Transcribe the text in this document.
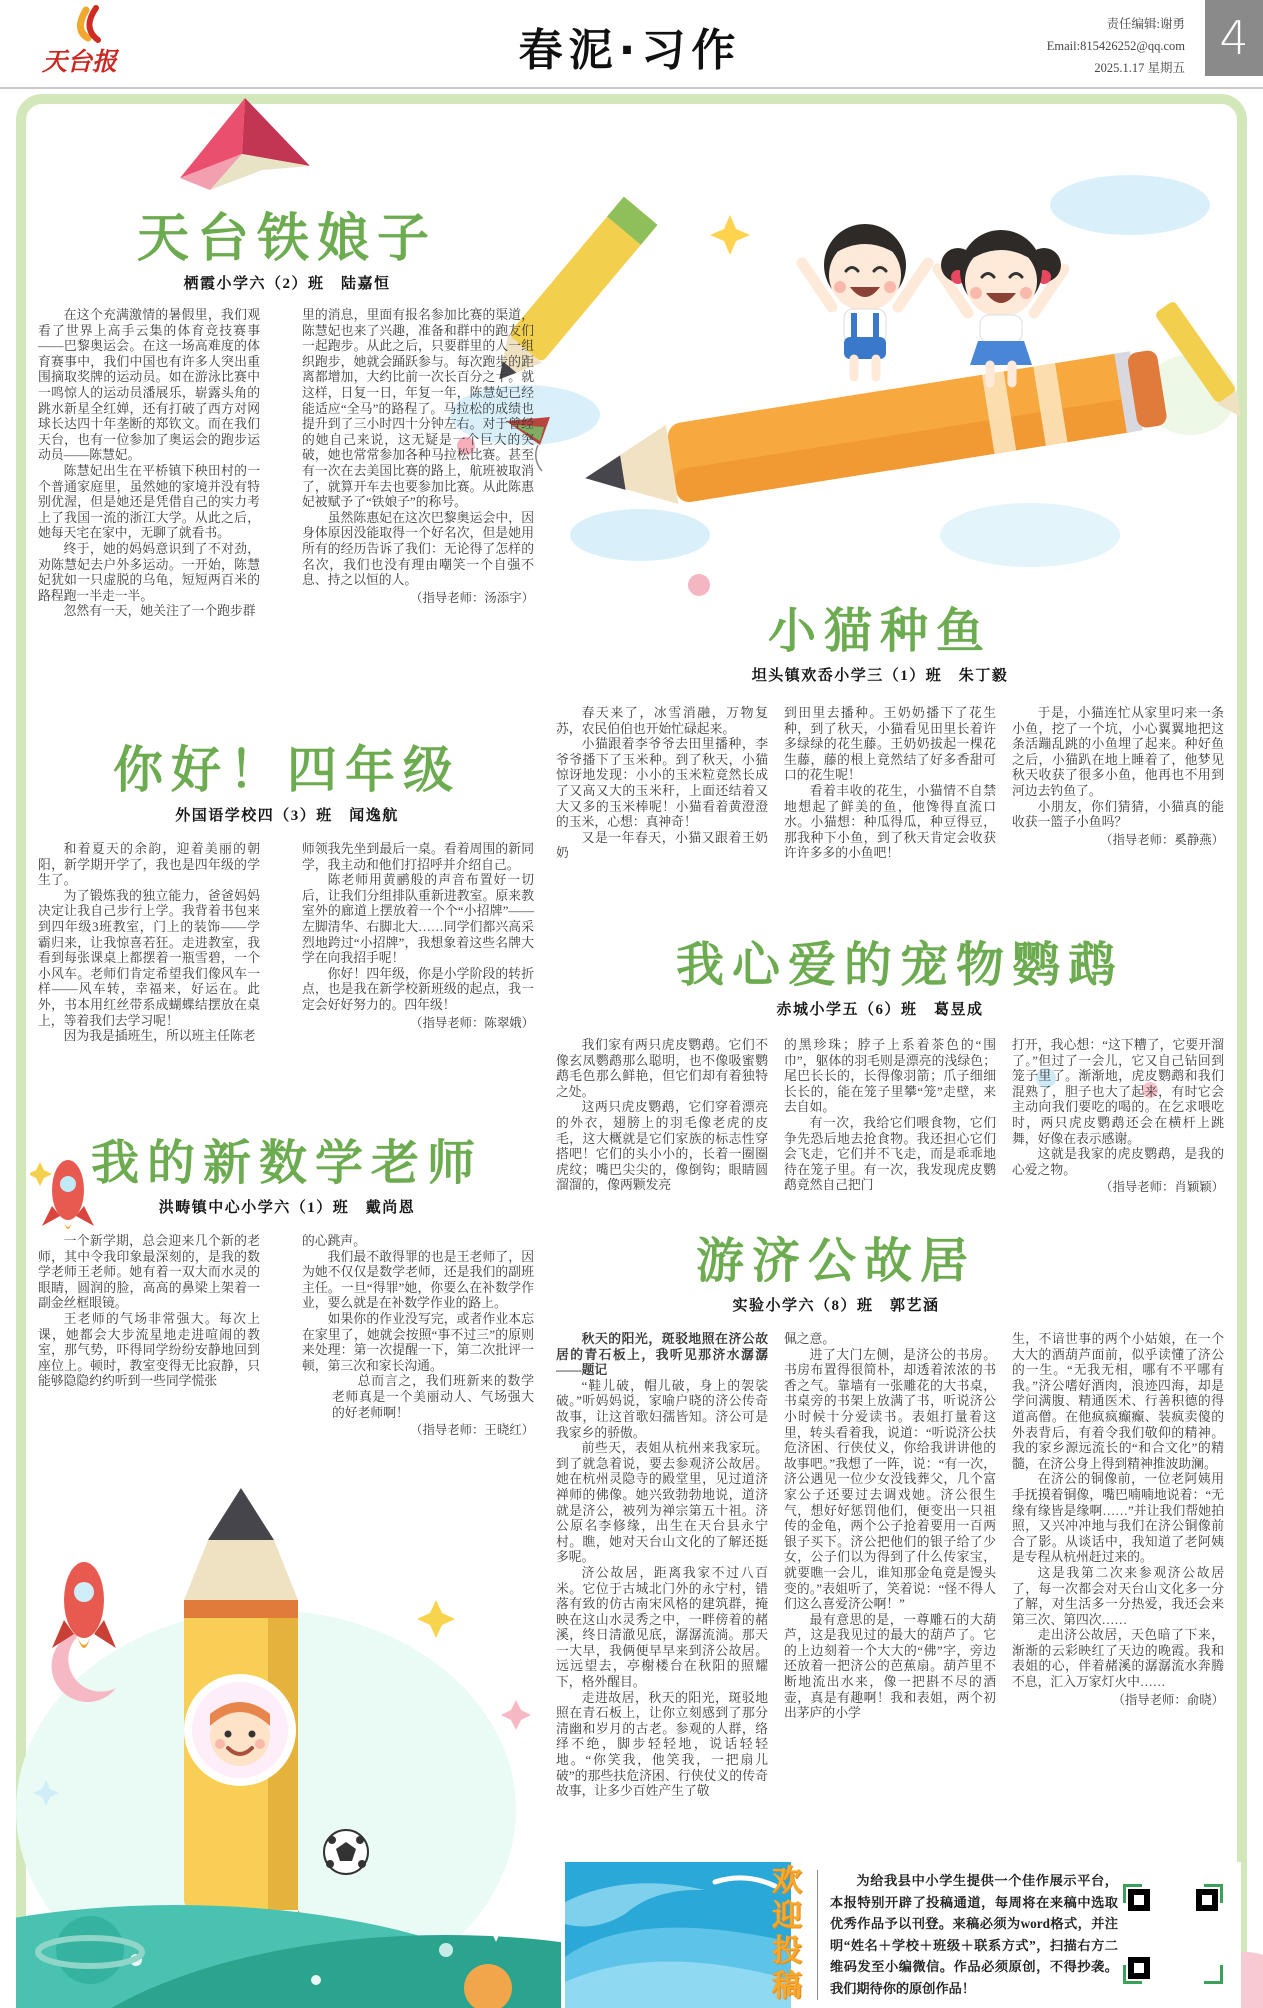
天台报	春泥·习作
责任编辑:谢勇
Email:815426252@qq.com
2025.1.17 星期五
4
天台铁娘子
栖霞小学六（2）班　陆嘉恒

在这个充满激情的暑假里，我们观看了世界上高手云集的体育竞技赛事——巴黎奥运会。在这一场高难度的体育赛事中，我们中国也有许多人突出重围摘取奖牌的运动员。如在游泳比赛中一鸣惊人的运动员潘展乐，崭露头角的跳水新星全红婵，还有打破了西方对网球长达四十年垄断的郑钦文。而在我们天台，也有一位参加了奥运会的跑步运动员——陈慧妃。

陈慧妃出生在平桥镇下秧田村的一个普通家庭里，虽然她的家境并没有特别优渥，但是她还是凭借自己的实力考上了我国一流的浙江大学。从此之后，她每天宅在家中，无聊了就看书。

终于，她的妈妈意识到了不对劲，劝陈慧妃去户外多运动。一开始，陈慧妃犹如一只虚脱的乌龟，短短两百米的路程跑一半走一半。

忽然有一天，她关注了一个跑步群

里的消息，里面有报名参加比赛的渠道，陈慧妃也来了兴趣，准备和群中的跑友们一起跑步。从此之后，只要群里的人一组织跑步，她就会踊跃参与。每次跑步的距离都增加，大约比前一次长百分之十。就这样，日复一日，年复一年，陈慧妃已经能适应“全马”的路程了。马拉松的成绩也提升到了三小时四十分钟左右。对于曾经的她自己来说，这无疑是一个巨大的突破，她也常常参加各种马拉松比赛。甚至有一次在去美国比赛的路上，航班被取消了，就算开车去也要参加比赛。从此陈惠妃被赋予了“铁娘子”的称号。

虽然陈惠妃在这次巴黎奥运会中，因身体原因没能取得一个好名次，但是她用所有的经历告诉了我们：无论得了怎样的名次，我们也没有理由嘲笑一个自强不息、持之以恒的人。

（指导老师：汤添宇）

小猫种鱼
坦头镇欢岙小学三（1）班　朱丁毅

春天来了，冰雪消融，万物复苏，农民伯伯也开始忙碌起来。

小猫跟着李爷爷去田里播种，李爷爷播下了玉米种。到了秋天，小猫惊讶地发现：小小的玉米粒竟然长成了又高又大的玉米秆，上面还结着又大又多的玉米棒呢！小猫看着黄澄澄的玉米，心想：真神奇！

又是一年春天，小猫又跟着王奶奶

到田里去播种。王奶奶播下了花生种，到了秋天，小猫看见田里长着许多绿绿的花生藤。王奶奶拔起一棵花生藤，藤的根上竟然结了好多香甜可口的花生呢！

看着丰收的花生，小猫情不自禁地想起了鲜美的鱼，他馋得直流口水。小猫想：种瓜得瓜，种豆得豆，那我种下小鱼，到了秋天肯定会收获许许多多的小鱼吧！

于是，小猫连忙从家里叼来一条小鱼，挖了一个坑，小心翼翼地把这条活蹦乱跳的小鱼埋了起来。种好鱼之后，小猫趴在地上睡着了，他梦见秋天收获了很多小鱼，他再也不用到河边去钓鱼了。

小朋友，你们猜猜，小猫真的能收获一篮子小鱼吗？

（指导老师：奚静燕）

你好！四年级
外国语学校四（3）班　闻逸航

和着夏天的余韵，迎着美丽的朝阳，新学期开学了，我也是四年级的学生了。

为了锻炼我的独立能力，爸爸妈妈决定让我自己步行上学。我背着书包来到四年级3班教室，门上的装饰——学霸归来，让我惊喜若狂。走进教室，我看到每张课桌上都摆着一瓶雪碧，一个小风车。老师们肯定希望我们像风车一样——风车转，幸福来，好运在。此外，书本用红丝带系成蝴蝶结摆放在桌上，等着我们去学习呢！

因为我是插班生，所以班主任陈老

师领我先坐到最后一桌。看着周围的新同学，我主动和他们打招呼并介绍自己。

陈老师用黄鹂般的声音布置好一切后，让我们分组排队重新进教室。原来教室外的廊道上摆放着一个个“小招牌”——左脚清华、右脚北大……同学们都兴高采烈地跨过“小招牌”，我想象着这些名牌大学在向我招手呢！

你好！四年级，你是小学阶段的转折点，也是我在新学校新班级的起点，我一定会好好努力的。四年级！

（指导老师：陈翠娥）

我心爱的宠物鹦鹉
赤城小学五（6）班　葛昱成

我们家有两只虎皮鹦鹉。它们不像玄凤鹦鹉那么聪明，也不像吸蜜鹦鹉毛色那么鲜艳，但它们却有着独特之处。

这两只虎皮鹦鹉，它们穿着漂亮的外衣，翅膀上的羽毛像老虎的皮毛，这大概就是它们家族的标志性穿搭吧！它们的头小小的，长着一圈圈虎纹；嘴巴尖尖的，像倒钩；眼睛圆溜溜的，像两颗发亮

的黑珍珠；脖子上系着茶色的“围巾”，躯体的羽毛则是漂亮的浅绿色；尾巴长长的，长得像羽箭；爪子细细长长的，能在笼子里攀“笼”走壁，来去自如。

有一次，我给它们喂食物，它们争先恐后地去抢食物。我还担心它们会飞走，它们并不飞走，而是乖乖地待在笼子里。有一次，我发现虎皮鹦鹉竟然自己把门

打开，我心想：“这下糟了，它要开溜了。”但过了一会儿，它又自己钻回到笼子里了。渐渐地，虎皮鹦鹉和我们混熟了，胆子也大了起来，有时它会主动向我们要吃的喝的。在乞求喂吃时，两只虎皮鹦鹉还会在横杆上跳舞，好像在表示感谢。

这就是我家的虎皮鹦鹉，是我的心爱之物。

（指导老师：肖颖颖）

我的新数学老师
洪畴镇中心小学六（1）班　戴尚恩

一个新学期，总会迎来几个新的老师，其中令我印象最深刻的，是我的数学老师王老师。她有着一双大而水灵的眼睛，圆润的脸，高高的鼻梁上架着一副金丝框眼镜。

王老师的气场非常强大。每次上课，她都会大步流星地走进喧闹的教室，那气势，吓得同学纷纷安静地回到座位上。顿时，教室变得无比寂静，只能够隐隐约约听到一些同学慌张

的心跳声。

我们最不敢得罪的也是王老师了，因为她不仅仅是数学老师，还是我们的副班主任。一旦“得罪”她，你要么在补数学作业，要么就是在补数学作业的路上。

如果你的作业没写完，或者作业本忘在家里了，她就会按照“事不过三”的原则来处理：第一次提醒一下，第二次批评一顿，第三次和家长沟通。

总而言之，我们班新来的数学老师真是一个美丽动人、气场强大的好老师啊！

（指导老师：王晓红）

游济公故居
实验小学六（8）班　郭艺涵

秋天的阳光，斑驳地照在济公故居的青石板上，我听见那济水潺潺——题记

“鞋儿破，帽儿破，身上的袈裟破。”听妈妈说，家喻户晓的济公传奇故事，让这首歌妇孺皆知。济公可是我家乡的骄傲。

前些天，表姐从杭州来我家玩。到了就急着说，要去参观济公故居。她在杭州灵隐寺的殿堂里，见过道济禅师的佛像。她兴致勃勃地说，道济就是济公，被列为禅宗第五十祖。济公原名李修缘，出生在天台县永宁村。瞧，她对天台山文化的了解还挺多呢。

济公故居，距离我家不过八百米。它位于古城北门外的永宁村，错落有致的仿古南宋风格的建筑群，掩映在这山水灵秀之中，一畔傍着的赭溪，终日清澈见底，潺潺流淌。那天一大早，我俩便早早来到济公故居。远远望去，亭榭楼台在秋阳的照耀下，格外醒目。

走进故居，秋天的阳光，斑驳地照在青石板上，让你立刻感到了那分清幽和岁月的古老。参观的人群，络绎不绝，脚步轻轻地，说话轻轻地。“你笑我，他笑我，一把扇儿破”的那些扶危济困、行侠仗义的传奇故事，让多少百姓产生了敬

佩之意。

进了大门左侧，是济公的书房。书房布置得很简朴，却透着浓浓的书香之气。靠墙有一张雕花的大书桌，书桌旁的书架上放满了书，听说济公小时候十分爱读书。表姐打量着这里，转头看着我，说道：“听说济公扶危济困、行侠仗义，你给我讲讲他的故事吧。”我想了一阵，说：“有一次，济公遇见一位少女没钱葬父，几个富家公子还要过去调戏她。济公很生气，想好好惩罚他们，便变出一只祖传的金龟，两个公子抢着要用一百两银子买下。济公把他们的银子给了少女，公子们以为得到了什么传家宝，就要瞧一会儿，谁知那金龟竟是馒头变的。”表姐听了，笑着说：“怪不得人们这么喜爱济公啊！”

最有意思的是，一尊雕石的大葫芦，这是我见过的最大的葫芦了。它的上边刻着一个大大的“佛”字，旁边还放着一把济公的芭蕉扇。葫芦里不断地流出水来，像一把斟不尽的酒壶，真是有趣啊！我和表姐，两个初出茅庐的小学

生，不谙世事的两个小姑娘，在一个大大的酒葫芦面前，似乎读懂了济公的一生。“无我无相，哪有不平哪有我。”济公嗜好酒肉，浪迹四海，却是学问满腹、精通医术、行善积德的得道高僧。在他疯疯癫癫、装疯卖傻的外表背后，有着令我们敬仰的精神。我的家乡源远流长的“和合文化”的精髓，在济公身上得到精神推波助澜。

在济公的铜像前，一位老阿姨用手抚摸着铜像，嘴巴喃喃地说着：“无缘有缘皆是缘啊……”并让我们帮她拍照，又兴冲冲地与我们在济公铜像前合了影。从谈话中，我知道了老阿姨是专程从杭州赶过来的。

这是我第二次来参观济公故居了，每一次都会对天台山文化多一分了解，对生活多一分热爱，我还会来第三次、第四次……

走出济公故居，天色暗了下来，渐渐的云彩映红了天边的晚霞。我和表姐的心，伴着赭溪的潺潺流水奔腾不息，汇入万家灯火中……

（指导老师：俞晓）

欢迎投稿	为给我县中小学生提供一个佳作展示平台，本报特别开辟了投稿通道，每周将在来稿中选取优秀作品予以刊登。来稿必须为word格式，并注明“姓名＋学校＋班级＋联系方式”，扫描右方二维码发至小编微信。作品必须原创，不得抄袭。我们期待你的原创作品！
